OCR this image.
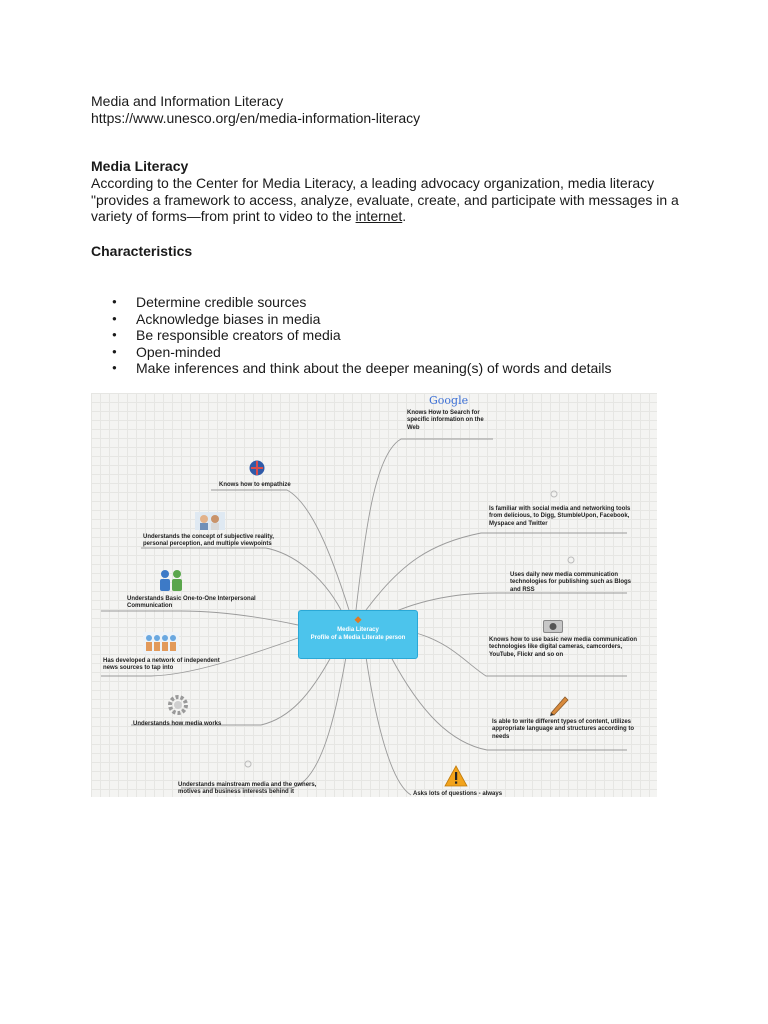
Media and Information Literacy
https://www.unesco.org/en/media-information-literacy
Media Literacy
According to the Center for Media Literacy, a leading advocacy organization, media literacy "provides a framework to access, analyze, evaluate, create, and participate with messages in a variety of forms—from print to video to the internet.
Characteristics
● Determine credible sources
● Acknowledge biases in media
● Be responsible creators of media
● Open-minded
● Make inferences and think about the deeper meaning(s) of words and details
❖
Media Literacy
Profile of a Media Literate person
Google
Knows How to Search for specific information on the Web
Knows how to empathize
Is familiar with social media and networking tools from delicious, to Digg, StumbleUpon, Facebook, Myspace and Twitter
Understands the concept of subjective reality, personal perception, and multiple viewpoints
Uses daily new media communication technologies for publishing such as Blogs and RSS
Understands Basic One-to-One Interpersonal Communication
Knows how to use basic new media communication technologies like digital cameras, camcorders, YouTube, Flickr and so on
Has developed a network of independent news sources to tap into
Understands how media works	Is able to write different types of content, utilizes appropriate language and structures according to needs
Understands mainstream media and the owners, motives and business interests behind it	Asks lots of questions - always
